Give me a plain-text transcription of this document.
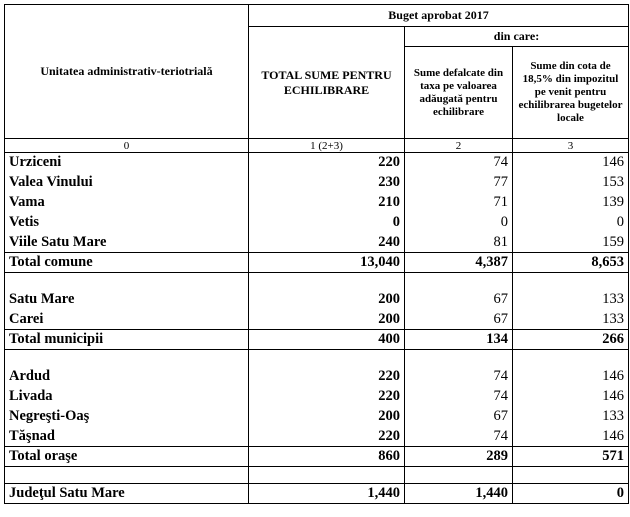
Unitatea administrativ-teriotrială	Buget aprobat 2017		
	TOTAL SUME PENTRU ECHILIBRARE	din care:	
		Sume defalcate din taxa pe valoarea adăugată pentru echilibrare	Sume din cota de 18,5% din impozitul pe venit pentru echilibrarea bugetelor locale
0	1 (2+3)	2	3
Urziceni	220	74	146
Valea Vinului	230	77	153
Vama	210	71	139
Vetis	0	0	0
Viile Satu Mare	240	81	159
Total comune	13,040	4,387	8,653

Satu Mare	200	67	133
Carei	200	67	133
Total municipii	400	134	266

Ardud	220	74	146
Livada	220	74	146
Negreşti-Oaş	200	67	133
Tăşnad	220	74	146
Total oraşe	860	289	571

Judeţul Satu Mare	1,440	1,440	0
